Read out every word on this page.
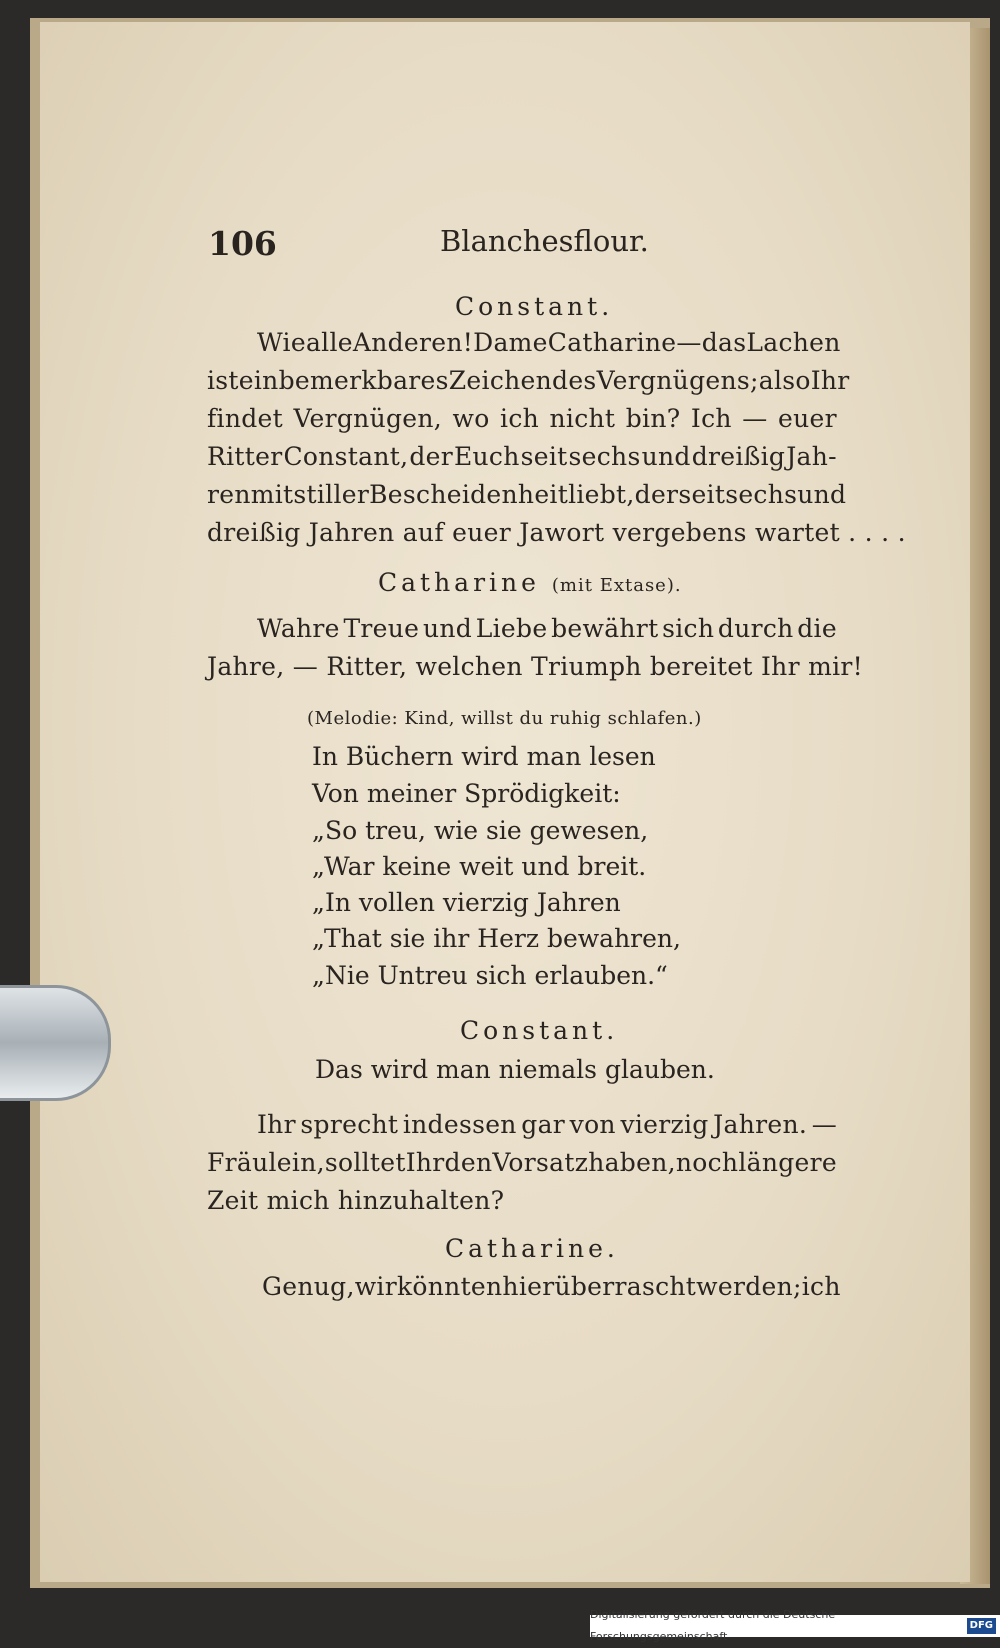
106	Blanchesflour.
Constant.
Wie alle Anderen! Dame Catharine — das Lachen
ist ein bemerkbares Zeichen des Vergnügens; also Ihr
findet Vergnügen, wo ich nicht bin? Ich — euer
Ritter Constant, der Euch seit sechs und dreißig Jah-
ren mit stiller Bescheidenheit liebt, der seit sechs und
dreißig Jahren auf euer Jawort vergebens wartet . . . .
Catharine (mit Extase).
Wahre Treue und Liebe bewährt sich durch die
Jahre, — Ritter, welchen Triumph bereitet Ihr mir!
(Melodie: Kind, willst du ruhig schlafen.)
In Büchern wird man lesen
Von meiner Sprödigkeit:
„So treu, wie sie gewesen,
„War keine weit und breit.
„In vollen vierzig Jahren
„That sie ihr Herz bewahren,
„Nie Untreu sich erlauben.“
Constant.
Das wird man niemals glauben.
Ihr sprecht indessen gar von vierzig Jahren. —
Fräulein, solltet Ihr den Vorsatz haben, noch längere
Zeit mich hinzuhalten?
Catharine.
Genug, wir könnten hier überrascht werden; ich
Digitalisierung gefördert durch die Deutsche Forschungsgemeinschaft
DFG
